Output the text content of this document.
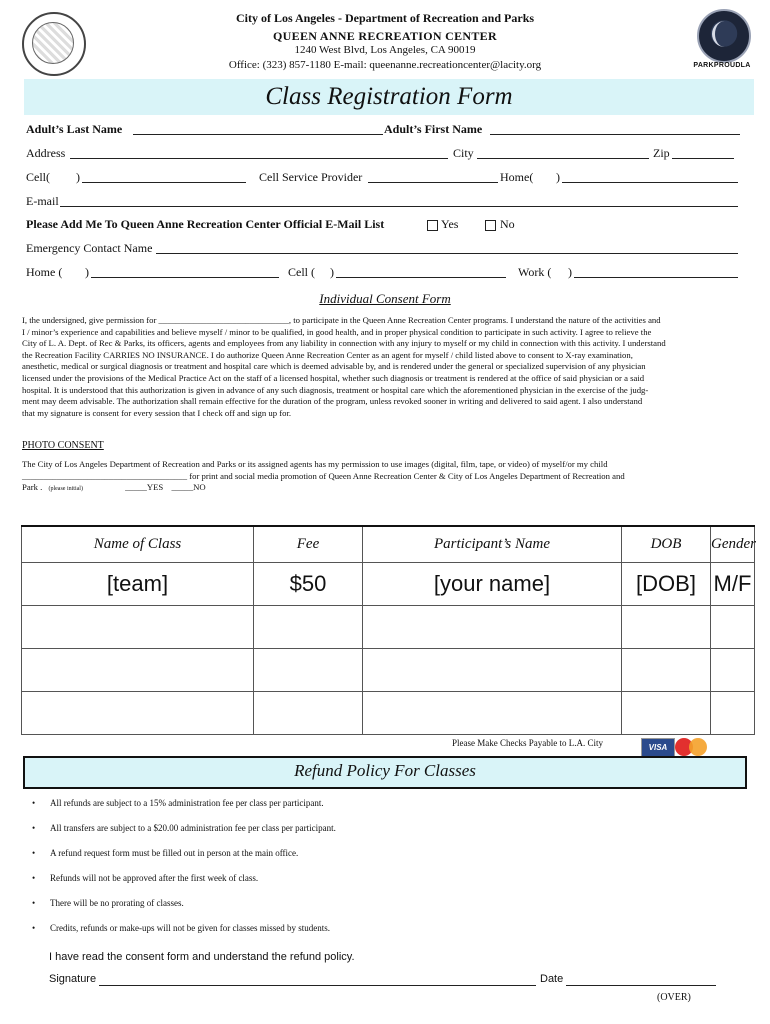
City of Los Angeles - Department of Recreation and Parks
QUEEN ANNE RECREATION CENTER
1240 West Blvd, Los Angeles, CA 90019
Office: (323) 857-1180 E-mail: queenanne.recreationcenter@lacity.org	PARKPROUDLA
Class Registration Form
Adult’s Last Name	Adult’s First Name
Address	City	Zip
Cell( )	Cell Service Provider	Home( )
E-mail
Please Add Me To Queen Anne Recreation Center Official E-Mail List	Yes	No
Emergency Contact Name
Home ( )	Cell ( )	Work ( )
Individual Consent Form
I, the undersigned, give permission for ______________________________, to participate in the Queen Anne Recreation Center programs. I understand the nature of the activities and
I / minor’s experience and capabilities and believe myself / minor to be qualified, in good health, and in proper physical condition to participate in such activity. I agree to relieve the
City of L. A. Dept. of Rec & Parks, its officers, agents and employees from any liability in connection with any injury to myself or my child in connection with this activity. I understand
the Recreation Facility CARRIES NO INSURANCE. I do authorize Queen Anne Recreation Center as an agent for myself / child listed above to consent to X-ray examination,
anesthetic, medical or surgical diagnosis or treatment and hospital care which is deemed advisable by, and is rendered under the general or specialized supervision of any physician
licensed under the provisions of the Medical Practice Act on the staff of a licensed hospital, whether such diagnosis or treatment is rendered at the office of said physician or a said
hospital. It is understood that this authorization is given in advance of any such diagnosis, treatment or hospital care which the aforementioned physician in the exercise of the judg-
ment may deem advisable. The authorization shall remain effective for the duration of the program, unless revoked sooner in writing and delivered to said agent. I also understand
that my signature is consent for every session that I check off and sign up for.
PHOTO CONSENT
The City of Los Angeles Department of Recreation and Parks or its assigned agents has my permission to use images (digital, film, tape, or video) of myself/or my child
______________________________________ for print and social media promotion of Queen Anne Recreation Center & City of Los Angeles Department of Recreation and
Park . (please initial)	_____YES _____NO
Name of Class	Fee	Participant’s Name	DOB	Gender
[team]	$50	[your name]	[DOB]	M/F

Please Make Checks Payable to L.A. City	VISA
Refund Policy For Classes
• All refunds are subject to a 15% administration fee per class per participant.
• All transfers are subject to a $20.00 administration fee per class per participant.
• A refund request form must be filled out in person at the main office.
• Refunds will not be approved after the first week of class.
• There will be no prorating of classes.
• Credits, refunds or make-ups will not be given for classes missed by students.
I have read the consent form and understand the refund policy.
Signature	Date
(OVER)
